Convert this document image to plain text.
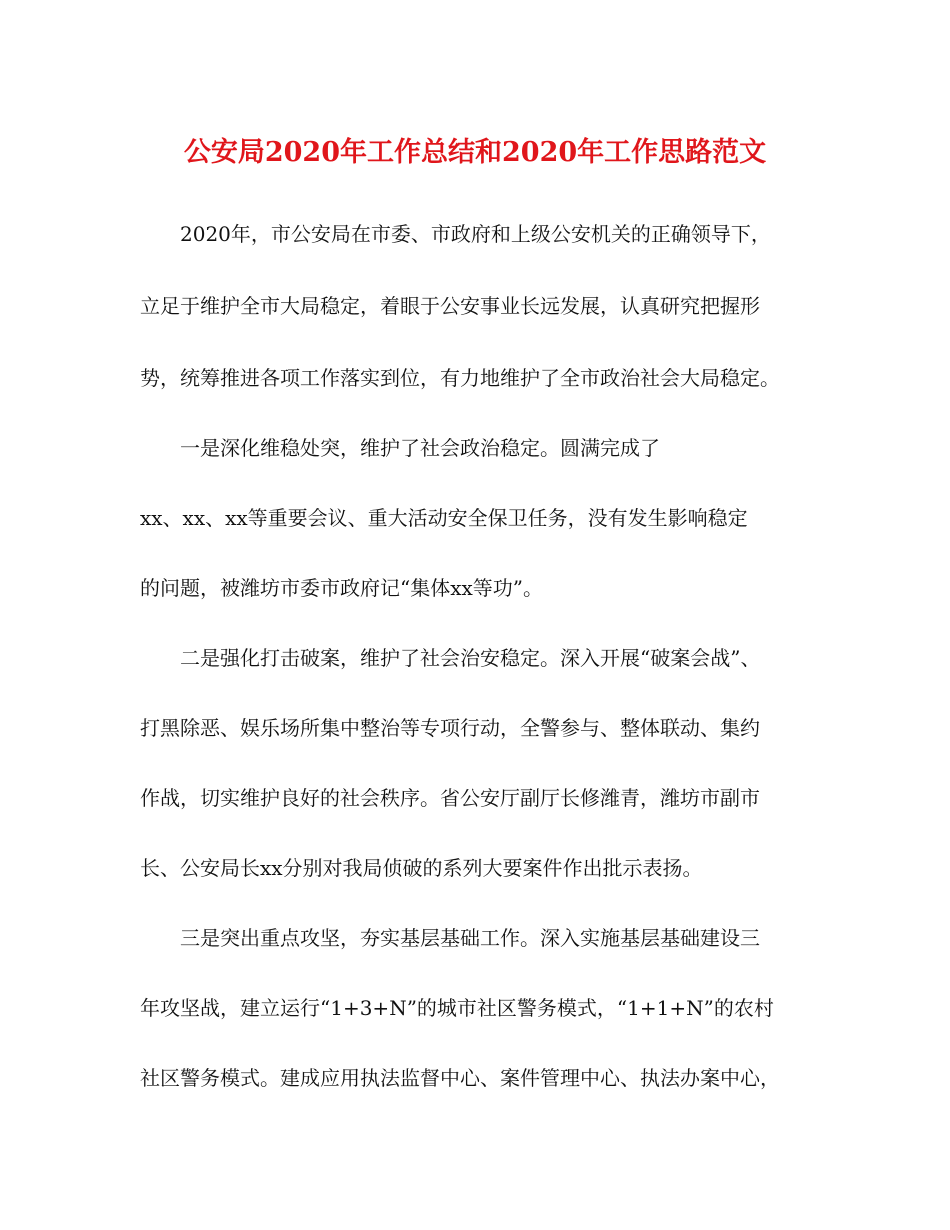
公安局2020年工作总结和2020年工作思路范文
2020年，市公安局在市委、市政府和上级公安机关的正确领导下，
立足于维护全市大局稳定，着眼于公安事业长远发展，认真研究把握形
势，统筹推进各项工作落实到位，有力地维护了全市政治社会大局稳定。
一是深化维稳处突，维护了社会政治稳定。圆满完成了
xx、xx、xx等重要会议、重大活动安全保卫任务，没有发生影响稳定
的问题，被潍坊市委市政府记“集体xx等功”。
二是强化打击破案，维护了社会治安稳定。深入开展“破案会战”、
打黑除恶、娱乐场所集中整治等专项行动，全警参与、整体联动、集约
作战，切实维护良好的社会秩序。省公安厅副厅长修潍青，潍坊市副市
长、公安局长xx分别对我局侦破的系列大要案件作出批示表扬。
三是突出重点攻坚，夯实基层基础工作。深入实施基层基础建设三
年攻坚战，建立运行“1+3+N”的城市社区警务模式，“1+1+N”的农村
社区警务模式。建成应用执法监督中心、案件管理中心、执法办案中心，
